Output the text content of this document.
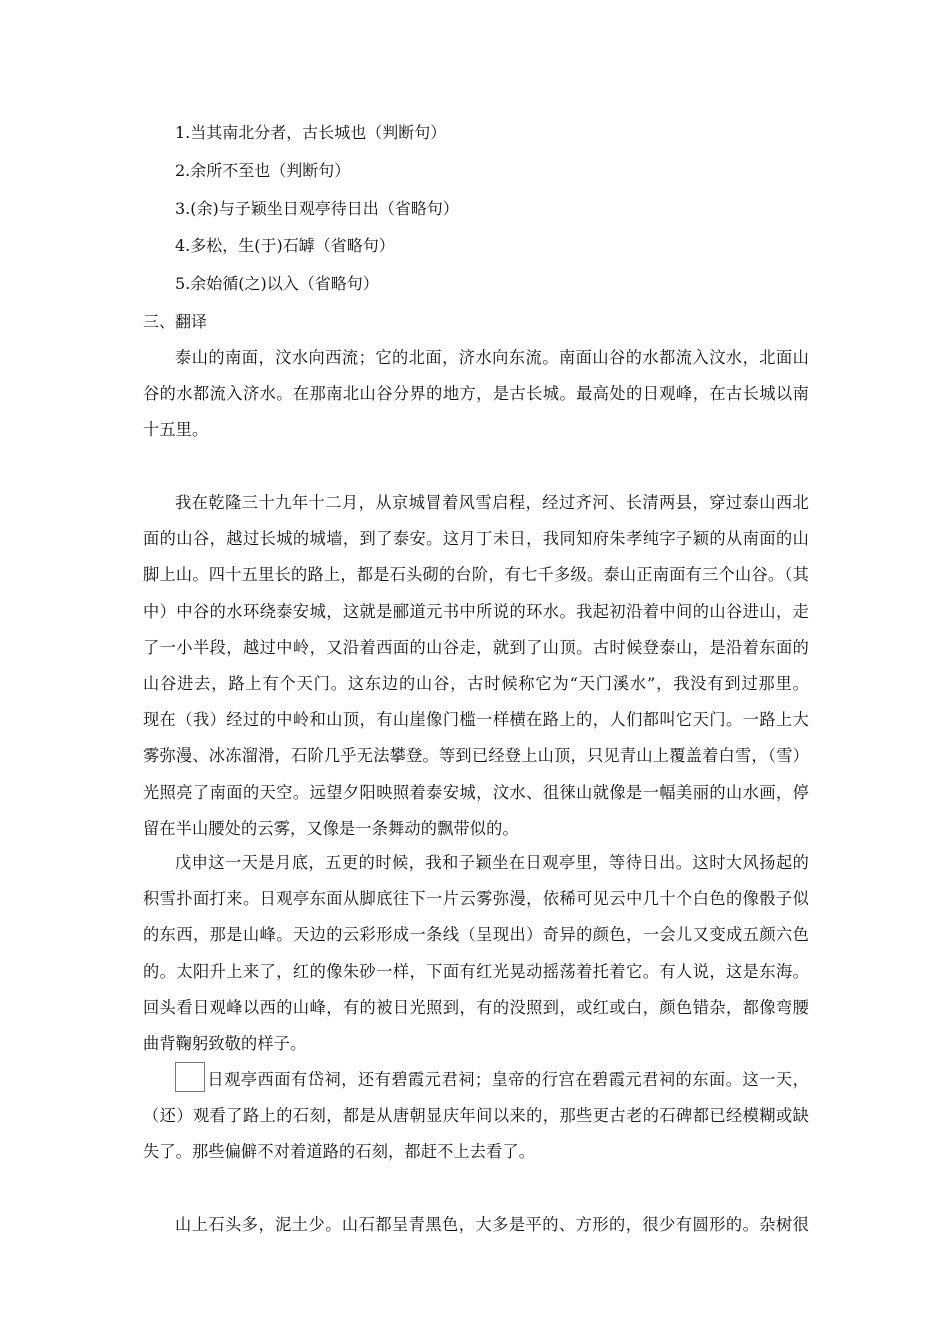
1.当其南北分者，古长城也（判断句）
2.余所不至也（判断句）
3.(余)与子颖坐日观亭待日出（省略句）
4.多松，生(于)石罅（省略句）
5.余始循(之)以入（省略句）
三、翻译
泰山的南面，汶水向西流；它的北面，济水向东流。南面山谷的水都流入汶水，北面山
谷的水都流入济水。在那南北山谷分界的地方，是古长城。最高处的日观峰，在古长城以南
十五里。
我在乾隆三十九年十二月，从京城冒着风雪启程，经过齐河、长清两县，穿过泰山西北
面的山谷，越过长城的城墙，到了泰安。这月丁未日，我同知府朱孝纯字子颖的从南面的山
脚上山。四十五里长的路上，都是石头砌的台阶，有七千多级。泰山正南面有三个山谷。（其
中）中谷的水环绕泰安城，这就是郦道元书中所说的环水。我起初沿着中间的山谷进山，走
了一小半段，越过中岭，又沿着西面的山谷走，就到了山顶。古时候登泰山，是沿着东面的
山谷进去，路上有个天门。这东边的山谷，古时候称它为“天门溪水”，我没有到过那里。
现在（我）经过的中岭和山顶，有山崖像门槛一样横在路上的，人们都叫它天门。一路上大
雾弥漫、冰冻溜滑，石阶几乎无法攀登。等到已经登上山顶，只见青山上覆盖着白雪，（雪）
光照亮了南面的天空。远望夕阳映照着泰安城，汶水、徂徕山就像是一幅美丽的山水画，停
留在半山腰处的云雾，又像是一条舞动的飘带似的。
戊申这一天是月底，五更的时候，我和子颖坐在日观亭里，等待日出。这时大风扬起的
积雪扑面打来。日观亭东面从脚底往下一片云雾弥漫，依稀可见云中几十个白色的像骰子似
的东西，那是山峰。天边的云彩形成一条线（呈现出）奇异的颜色，一会儿又变成五颜六色
的。太阳升上来了，红的像朱砂一样，下面有红光晃动摇荡着托着它。有人说，这是东海。
回头看日观峰以西的山峰，有的被日光照到，有的没照到，或红或白，颜色错杂，都像弯腰
曲背鞠躬致敬的样子。
日观亭西面有岱祠，还有碧霞元君祠；皇帝的行宫在碧霞元君祠的东面。这一天，
（还）观看了路上的石刻，都是从唐朝显庆年间以来的，那些更古老的石碑都已经模糊或缺
失了。那些偏僻不对着道路的石刻，都赶不上去看了。
山上石头多，泥土少。山石都呈青黑色，大多是平的、方形的，很少有圆形的。杂树很
